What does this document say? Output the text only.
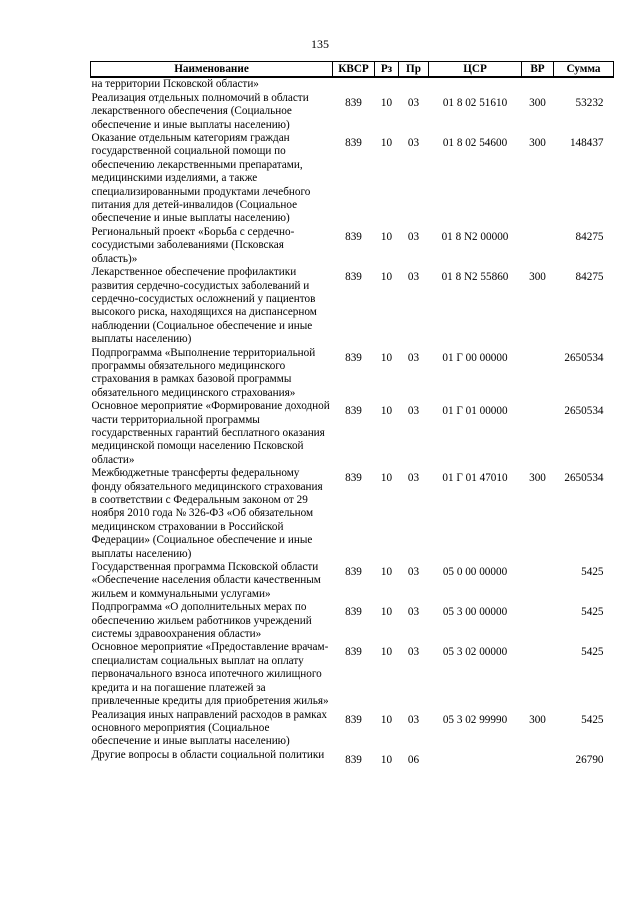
135
Наименование	КВСР	Рз	Пр	ЦСР	ВР	Сумма
на территории Псковской области»						
Реализация отдельных полномочий в области лекарственного обеспечения (Социальное обеспечение и иные выплаты населению)	839	10	03	01 8 02 51610	300	53232
Оказание отдельным категориям граждан государственной социальной помощи по обеспечению лекарственными препаратами, медицинскими изделиями, а также специализированными продуктами лечебного питания для детей-инвалидов (Социальное обеспечение и иные выплаты населению)	839	10	03	01 8 02 54600	300	148437
Региональный проект «Борьба с сердечно-сосудистыми заболеваниями (Псковская область)»	839	10	03	01 8 N2 00000		84275
Лекарственное обеспечение профилактики развития сердечно-сосудистых заболеваний и сердечно-сосудистых осложнений у пациентов высокого риска, находящихся на диспансерном наблюдении (Социальное обеспечение и иные выплаты населению)	839	10	03	01 8 N2 55860	300	84275
Подпрограмма «Выполнение территориальной программы обязательного медицинского страхования в рамках базовой программы обязательного медицинского страхования»	839	10	03	01 Г 00 00000		2650534
Основное мероприятие «Формирование доходной части территориальной программы государственных гарантий бесплатного оказания медицинской помощи населению Псковской области»	839	10	03	01 Г 01 00000		2650534
Межбюджетные трансферты федеральному фонду обязательного медицинского страхования в соответствии с Федеральным законом от 29 ноября 2010 года № 326-ФЗ «Об обязательном медицинском страховании в Российской Федерации» (Социальное обеспечение и иные выплаты населению)	839	10	03	01 Г 01 47010	300	2650534
Государственная программа Псковской области «Обеспечение населения области качественным жильем и коммунальными услугами»	839	10	03	05 0 00 00000		5425
Подпрограмма «О дополнительных мерах по обеспечению жильем работников учреждений системы здравоохранения области»	839	10	03	05 3 00 00000		5425
Основное мероприятие «Предоставление врачам-специалистам социальных выплат на оплату первоначального взноса ипотечного жилищного кредита и на погашение платежей за привлеченные кредиты для приобретения жилья»	839	10	03	05 3 02 00000		5425
Реализация иных направлений расходов в рамках основного мероприятия (Социальное обеспечение и иные выплаты населению)	839	10	03	05 3 02 99990	300	5425
Другие вопросы в области социальной политики	839	10	06			26790
